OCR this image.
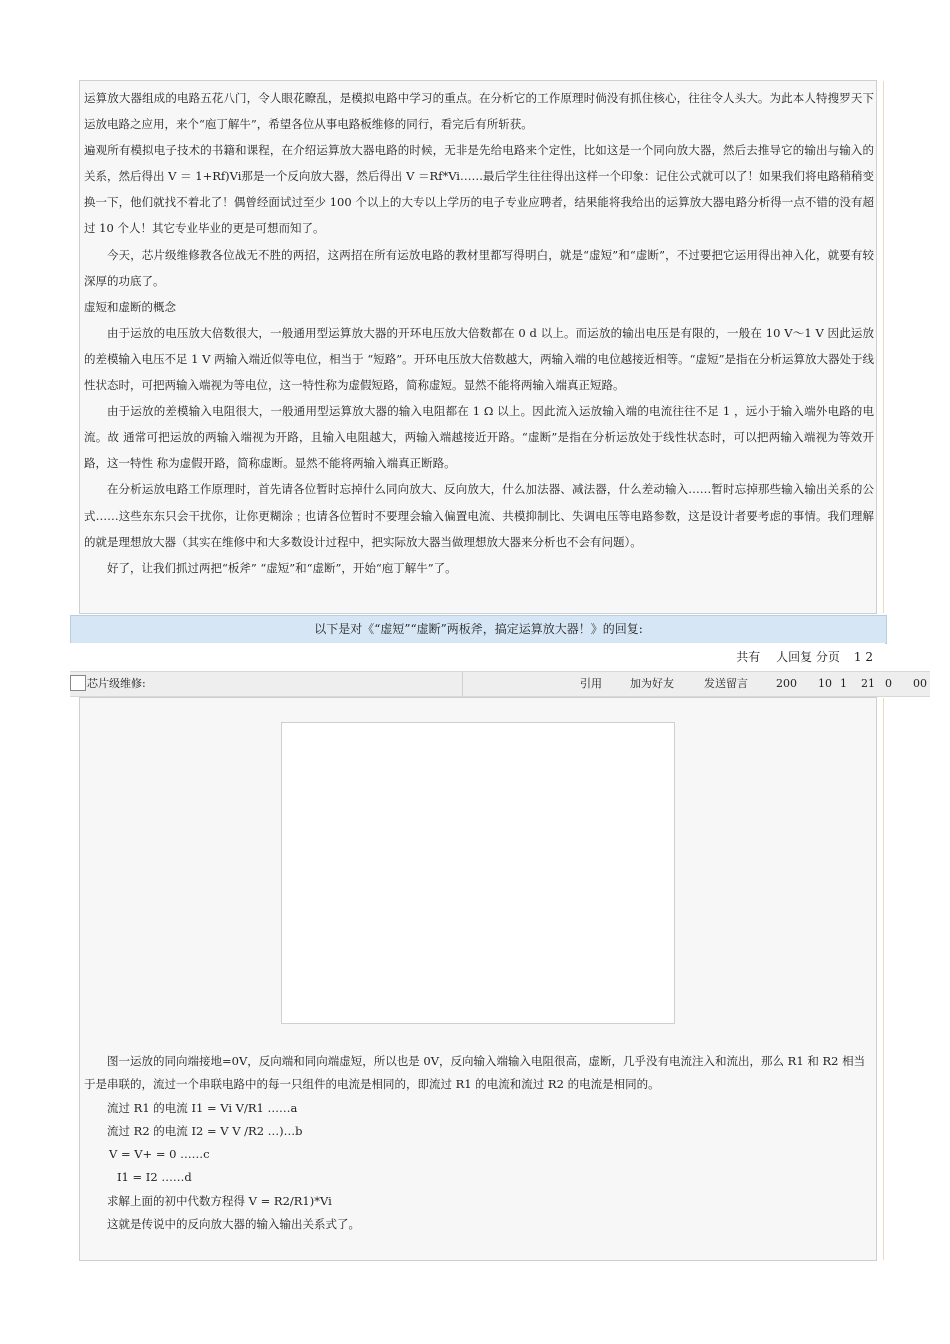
运算放大器组成的电路五花八门，令人眼花瞭乱，是模拟电路中学习的重点。在分析它的工作原理时倘没有抓住核心，往往令人头大。为此本人特搜罗天下运放电路之应用，来个“庖丁解牛”，希望各位从事电路板维修的同行，看完后有所斩获。

遍观所有模拟电子技术的书籍和课程，在介绍运算放大器电路的时候，无非是先给电路来个定性，比如这是一个同向放大器，然后去推导它的输出与输入的关系，然后得出 V ＝ 1+Rf)Vi那是一个反向放大器，然后得出 V ＝Rf*Vi……最后学生往往得出这样一个印象：记住公式就可以了！如果我们将电路稍稍变换一下，他们就找不着北了！偶曾经面试过至少 100 个以上的大专以上学历的电子专业应聘者，结果能将我给出的运算放大器电路分析得一点不错的没有超过 10 个人！其它专业毕业的更是可想而知了。

今天，芯片级维修教各位战无不胜的两招，这两招在所有运放电路的教材里都写得明白，就是“虚短”和“虚断”，不过要把它运用得出神入化，就要有较深厚的功底了。

虚短和虚断的概念

由于运放的电压放大倍数很大，一般通用型运算放大器的开环电压放大倍数都在 0 d 以上。而运放的输出电压是有限的，一般在 10 V～1 V 因此运放的差模输入电压不足 1 V 两输入端近似等电位，相当于 “短路”。开环电压放大倍数越大，两输入端的电位越接近相等。“虚短”是指在分析运算放大器处于线性状态时，可把两输入端视为等电位，这一特性称为虚假短路，简称虚短。显然不能将两输入端真正短路。

由于运放的差模输入电阻很大，一般通用型运算放大器的输入电阻都在 1 Ω 以上。因此流入运放输入端的电流往往不足 1 ，远小于输入端外电路的电流。故 通常可把运放的两输入端视为开路，且输入电阻越大，两输入端越接近开路。“虚断”是指在分析运放处于线性状态时，可以把两输入端视为等效开路，这一特性 称为虚假开路，简称虚断。显然不能将两输入端真正断路。

在分析运放电路工作原理时，首先请各位暂时忘掉什么同向放大、反向放大，什么加法器、减法器，什么差动输入……暂时忘掉那些输入输出关系的公式……这些东东只会干扰你，让你更糊涂﹔也请各位暂时不要理会输入偏置电流、共模抑制比、失调电压等电路参数，这是设计者要考虑的事情。我们理解的就是理想放大器（其实在维修中和大多数设计过程中，把实际放大器当做理想放大器来分析也不会有问题）。

好了，让我们抓过两把“板斧” “虚短”和“虚断”，开始“庖丁解牛”了。

以下是对《“虚短”“虚断”两板斧，搞定运算放大器！》的回复:
共有　 人回复 分页 1 2
芯片级维修:	引用	加为好友	发送留言	200 10 1 21 0 00

图一运放的同向端接地=0V，反向端和同向端虚短，所以也是 0V，反向输入端输入电阻很高，虚断，几乎没有电流注入和流出，那么 R1 和 R2 相当于是串联的，流过一个串联电路中的每一只组件的电流是相同的，即流过 R1 的电流和流过 R2 的电流是相同的。

流过 R1 的电流 I1 = Vi V/R1 ……a

流过 R2 的电流 I2 = V V /R2 …)…b

V = V+ = 0 ……c

I1 = I2 ……d

求解上面的初中代数方程得 V = R2/R1)*Vi

这就是传说中的反向放大器的输入输出关系式了。
